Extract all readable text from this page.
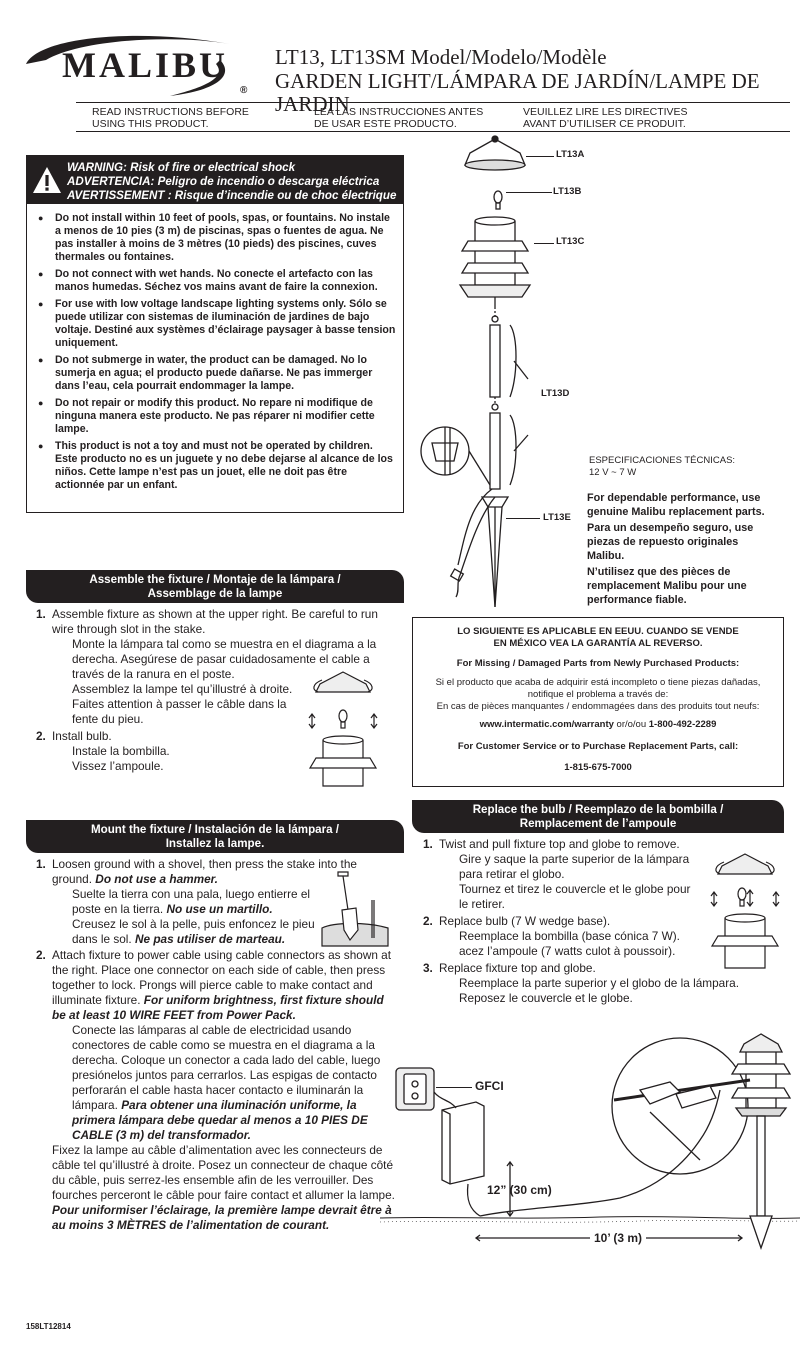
MALIBU
®
LT13, LT13SM Model/Modelo/Modèle
GARDEN LIGHT/LÁMPARA DE JARDÍN/LAMPE DE JARDIN
READ INSTRUCTIONS BEFORE
USING THIS PRODUCT.
LEA LAS INSTRUCCIONES ANTES
DE USAR ESTE PRODUCTO.
VEUILLEZ LIRE LES DIRECTIVES
AVANT D’UTILISER CE PRODUIT.
WARNING: Risk of fire or electrical shock
ADVERTENCIA: Peligro de incendio o descarga eléctrica
AVERTISSEMENT : Risque d’incendie ou de choc électrique
● Do not install within 10 feet of pools, spas, or fountains. No instale a menos de 10 pies (3 m) de piscinas, spas o fuentes de agua. Ne pas installer à moins de 3 mètres (10 pieds) des piscines, cuves thermales ou fontaines.
● Do not connect with wet hands. No conecte el artefacto con las manos humedas. Séchez vos mains avant de faire la connexion.
● For use with low voltage landscape lighting systems only. Sólo se puede utilizar con sistemas de iluminación de jardines de bajo voltaje. Destiné aux systèmes d’éclairage paysager à basse tension uniquement.
● Do not submerge in water, the product can be damaged. No lo sumerja en agua; el producto puede dañarse. Ne pas immerger dans l’eau, cela pourrait endommager la lampe.
● Do not repair or modify this product. No repare ni modifique de ninguna manera este producto. Ne pas réparer ni modifier cette lampe.
● This product is not a toy and must not be operated by children. Este producto no es un juguete y no debe dejarse al alcance de los niños. Cette lampe n’est pas un jouet, elle ne doit pas être actionnée par un enfant.
LT13A
LT13B
LT13C
LT13D
LT13E
ESPECIFICACIONES TÉCNICAS:
12 V ~ 7 W
For dependable performance, use genuine Malibu replacement parts.
Para un desempeño seguro, use piezas de repuesto originales Malibu.
N’utilisez que des pièces de remplacement Malibu pour une performance fiable.
LO SIGUIENTE ES APLICABLE EN EEUU. CUANDO SE VENDE EN MÉXICO VEA LA GARANTÍA AL REVERSO.
For Missing / Damaged Parts from Newly Purchased Products:
Si el producto que acaba de adquirir está incompleto o tiene piezas dañadas, notifique el problema a través de:
En cas de pièces manquantes / endommagées dans des produits tout neufs:
www.intermatic.com/warranty or/o/ou 1-800-492-2289
For Customer Service or to Purchase Replacement Parts, call:
1-815-675-7000
Assemble the fixture / Montaje de la lámpara /
Assemblage de la lampe
1. Assemble fixture as shown at the upper right. Be careful to run wire through slot in the stake.
Monte la lámpara tal como se muestra en el diagrama a la derecha. Asegúrese de pasar cuidadosamente el cable a través de la ranura en el poste.
Assemblez la lampe tel qu’illustré à droite. Faites attention à passer le câble dans la fente du pieu.
2. Install bulb.
Instale la bombilla.
Vissez l’ampoule.
Mount the fixture / Instalación de la lámpara /
Installez la lampe.
1. Loosen ground with a shovel, then press the stake into the ground. Do not use a hammer.
Suelte la tierra con una pala, luego entierre el poste en la tierra. No use un martillo.
Creusez le sol à la pelle, puis enfoncez le pieu dans le sol. Ne pas utiliser de marteau.
2. Attach fixture to power cable using cable connectors as shown at the right. Place one connector on each side of cable, then press together to lock. Prongs will pierce cable to make contact and illuminate fixture. For uniform brightness, first fixture should be at least 10 WIRE FEET from Power Pack.
Conecte las lámparas al cable de electricidad usando conectores de cable como se muestra en el diagrama a la derecha. Coloque un conector a cada lado del cable, luego presiónelos juntos para cerrarlos. Las espigas de contacto perforarán el cable hasta hacer contacto e iluminarán la lámpara. Para obtener una iluminación uniforme, la primera lámpara debe quedar al menos a 10 PIES DE CABLE (3 m) del transformador.
Fixez la lampe au câble d’alimentation avec les connecteurs de câble tel qu’illustré à droite. Posez un connecteur de chaque côté du câble, puis serrez-les ensemble afin de les verrouiller. Des fourches perceront le câble pour faire contact et allumer la lampe. Pour uniformiser l’éclairage, la première lampe devrait être à au moins 3 MÈTRES de l’alimentation de courant.
Replace the bulb / Reemplazo de la bombilla /
Remplacement de l’ampoule
1. Twist and pull fixture top and globe to remove.
Gire y saque la parte superior de la lámpara para retirar el globo.
Tournez et tirez le couvercle et le globe pour le retirer.
2. Replace bulb (7 W wedge base).
Reemplace la bombilla (base cónica 7 W).
acez l’ampoule (7 watts culot à poussoir).
3. Replace fixture top and globe.
Reemplace la parte superior y el globo de la lámpara.
Reposez le couvercle et le globe.
GFCI
12” (30 cm)
10’ (3 m)
158LT12814
